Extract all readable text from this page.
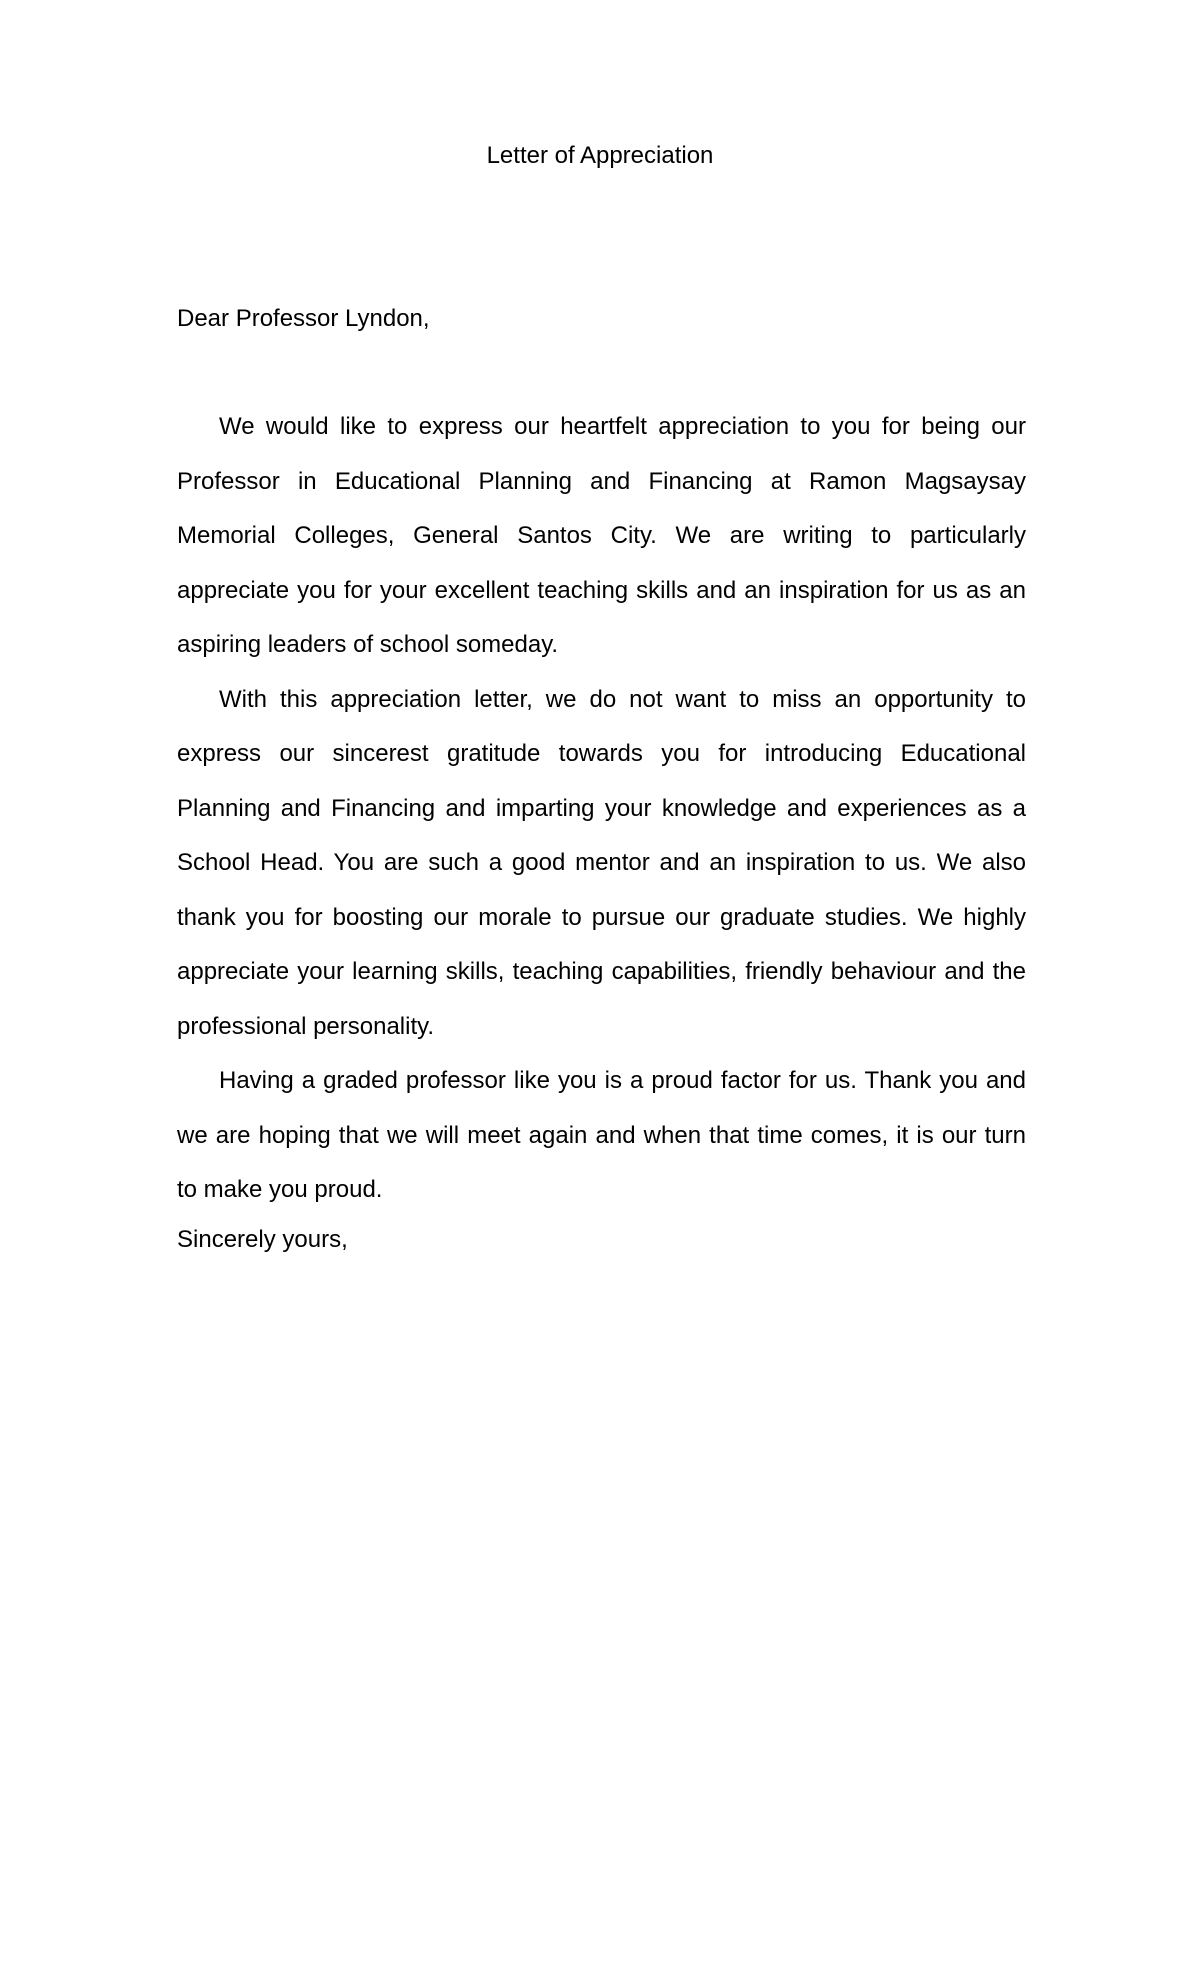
Letter of Appreciation
Dear Professor Lyndon,

We would like to express our heartfelt appreciation to you for being our Professor in Educational Planning and Financing at Ramon Magsaysay Memorial Colleges, General Santos City. We are writing to particularly appreciate you for your excellent teaching skills and an inspiration for us as an aspiring leaders of school someday.

With this appreciation letter, we do not want to miss an opportunity to express our sincerest gratitude towards you for introducing Educational Planning and Financing and imparting your knowledge and experiences as a School Head. You are such a good mentor and an inspiration to us. We also thank you for boosting our morale to pursue our graduate studies. We highly appreciate your learning skills, teaching capabilities, friendly behaviour and the professional personality.

Having a graded professor like you is a proud factor for us. Thank you and we are hoping that we will meet again and when that time comes, it is our turn to make you proud.

Sincerely yours,
